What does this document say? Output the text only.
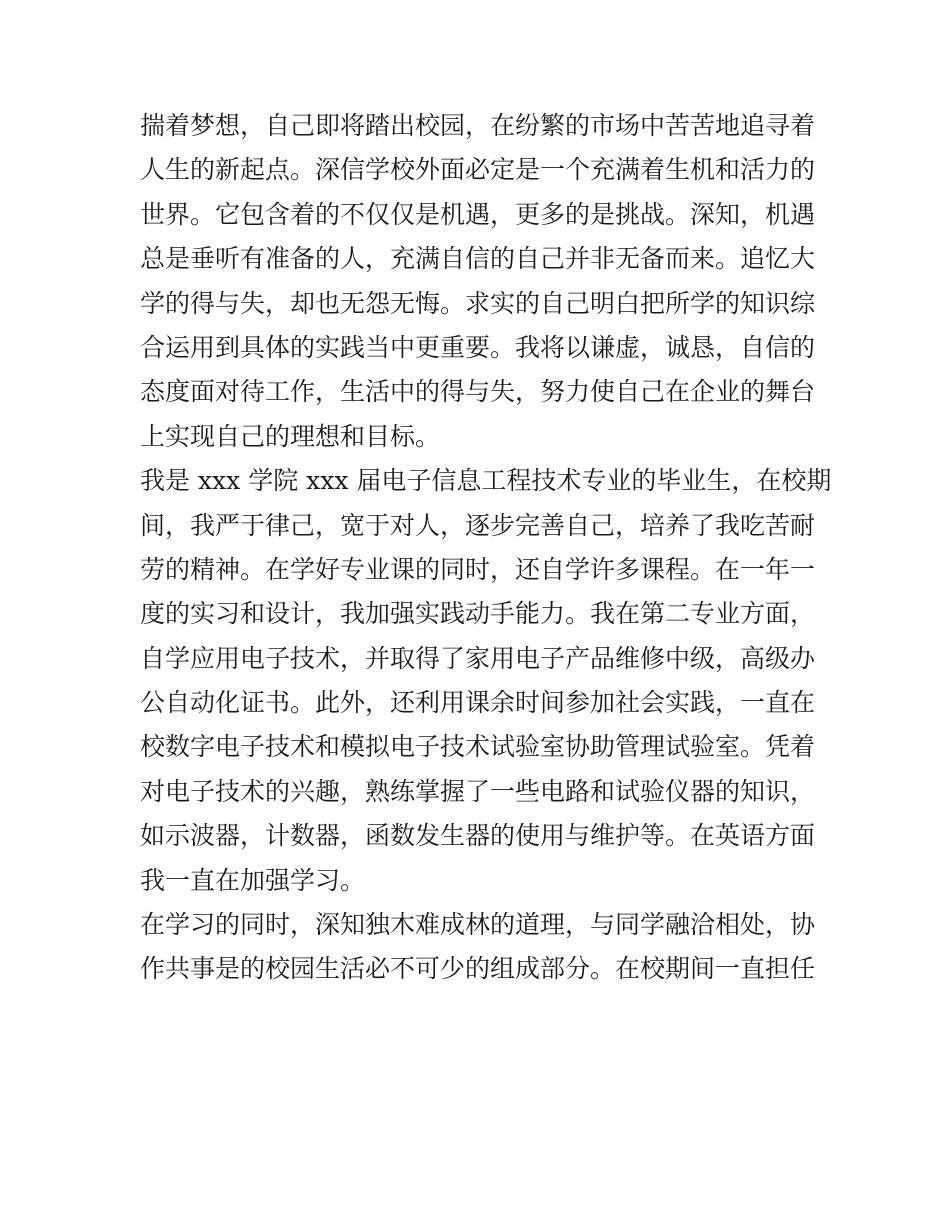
揣着梦想，自己即将踏出校园，在纷繁的市场中苦苦地追寻着
人生的新起点。深信学校外面必定是一个充满着生机和活力的
世界。它包含着的不仅仅是机遇，更多的是挑战。深知，机遇
总是垂听有准备的人，充满自信的自己并非无备而来。追忆大
学的得与失，却也无怨无悔。求实的自己明白把所学的知识综
合运用到具体的实践当中更重要。我将以谦虚，诚恳，自信的
态度面对待工作，生活中的得与失，努力使自己在企业的舞台
上实现自己的理想和目标。
我是 xxx 学院 xxx 届电子信息工程技术专业的毕业生，在校期
间，我严于律己，宽于对人，逐步完善自己，培养了我吃苦耐
劳的精神。在学好专业课的同时，还自学许多课程。在一年一
度的实习和设计，我加强实践动手能力。我在第二专业方面，
自学应用电子技术，并取得了家用电子产品维修中级，高级办
公自动化证书。此外，还利用课余时间参加社会实践，一直在
校数字电子技术和模拟电子技术试验室协助管理试验室。凭着
对电子技术的兴趣，熟练掌握了一些电路和试验仪器的知识，
如示波器，计数器，函数发生器的使用与维护等。在英语方面
我一直在加强学习。
在学习的同时，深知独木难成林的道理，与同学融洽相处，协
作共事是的校园生活必不可少的组成部分。在校期间一直担任
